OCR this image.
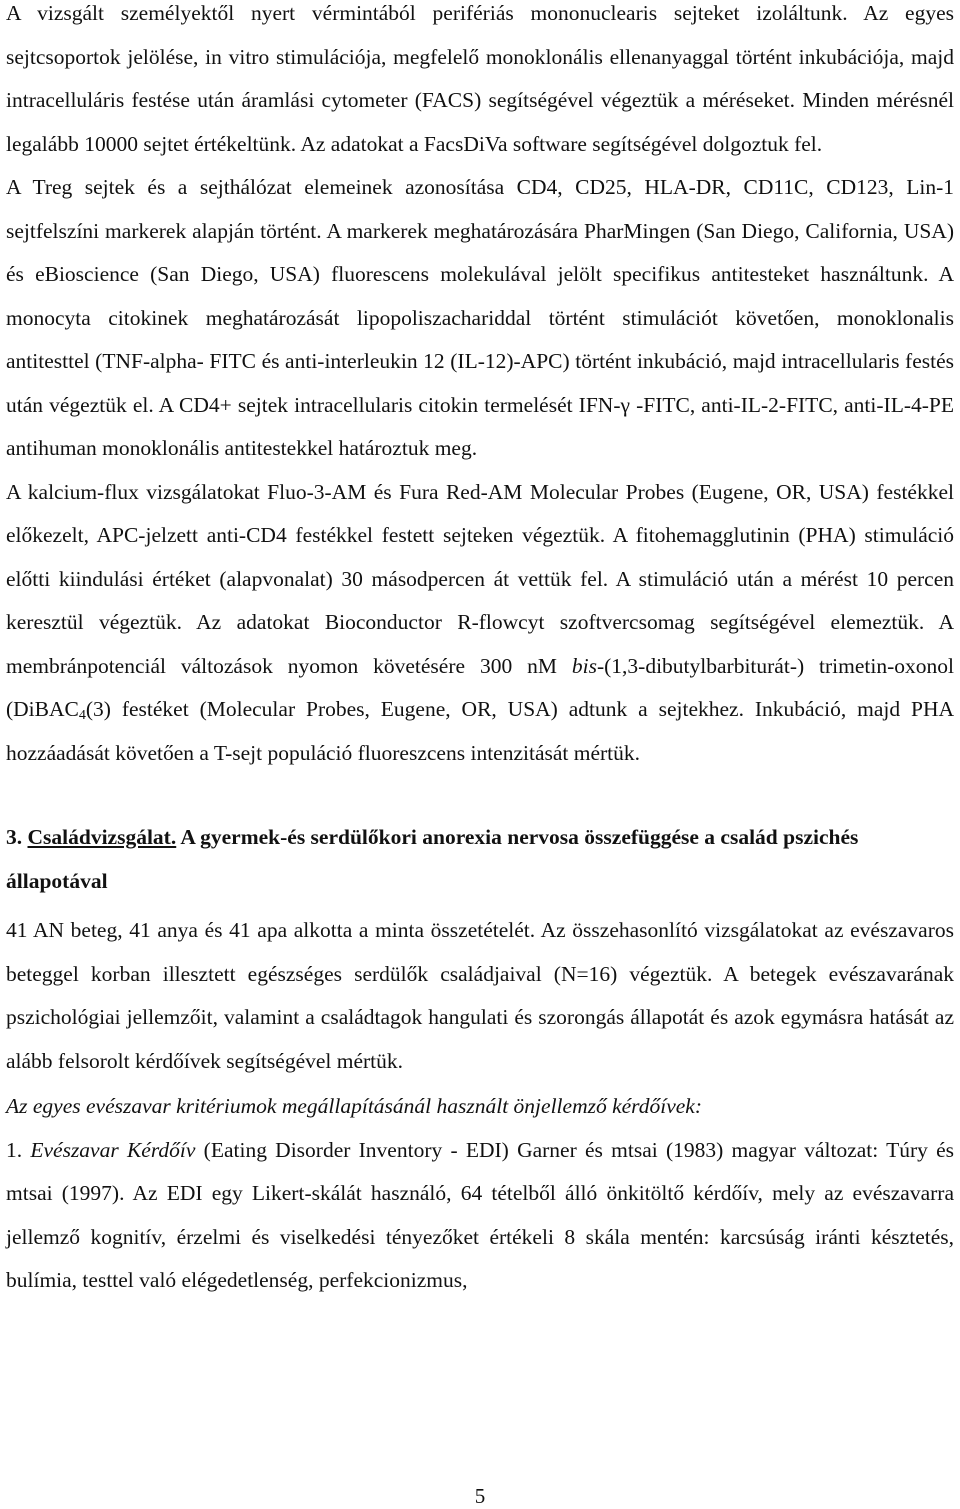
A vizsgált személyektől nyert vérmintából perifériás mononuclearis sejteket izoláltunk. Az egyes sejtcsoportok jelölése, in vitro stimulációja, megfelelő monoklonális ellenanyaggal történt inkubációja, majd intracelluláris festése után áramlási cytometer (FACS) segítségével végeztük a méréseket. Minden mérésnél legalább 10000 sejtet értékeltünk. Az adatokat a FacsDiVa software segítségével dolgoztuk fel.

A Treg sejtek és a sejthálózat elemeinek azonosítása CD4, CD25, HLA-DR, CD11C, CD123, Lin-1 sejtfelszíni markerek alapján történt. A markerek meghatározására PharMingen (San Diego, California, USA) és eBioscience (San Diego, USA) fluorescens molekulával jelölt specifikus antitesteket használtunk. A monocyta citokinek meghatározását lipopoliszachariddal történt stimulációt követően, monoklonalis antitesttel (TNF-alpha- FITC és anti-interleukin 12 (IL-12)-APC) történt inkubáció, majd intracellularis festés után végeztük el. A CD4+ sejtek intracellularis citokin termelését IFN-γ -FITC, anti-IL-2-FITC, anti-IL-4-PE antihuman monoklonális antitestekkel határoztuk meg.

A kalcium-flux vizsgálatokat Fluo-3-AM és Fura Red-AM Molecular Probes (Eugene, OR, USA) festékkel előkezelt, APC-jelzett anti-CD4 festékkel festett sejteken végeztük. A fitohemagglutinin (PHA) stimuláció előtti kiindulási értéket (alapvonalat) 30 másodpercen át vettük fel. A stimuláció után a mérést 10 percen keresztül végeztük. Az adatokat Bioconductor R-flowcyt szoftvercsomag segítségével elemeztük. A membránpotenciál változások nyomon követésére 300 nM bis-(1,3-dibutylbarbiturát-) trimetin-oxonol (DiBAC$_4$(3) festéket (Molecular Probes, Eugene, OR, USA) adtunk a sejtekhez. Inkubáció, majd PHA hozzáadását követően a T-sejt populáció fluoreszcens intenzitását mértük.

3. Családvizsgálat. A gyermek-és serdülőkori anorexia nervosa összefüggése a család pszichés állapotával

41 AN beteg, 41 anya és 41 apa alkotta a minta összetételét. Az összehasonlító vizsgálatokat az evészavaros beteggel korban illesztett egészséges serdülők családjaival (N=16) végeztük. A betegek evészavarának pszichológiai jellemzőit, valamint a családtagok hangulati és szorongás állapotát és azok egymásra hatását az alább felsorolt kérdőívek segítségével mértük.

Az egyes evészavar kritériumok megállapításánál használt önjellemző kérdőívek:

1. Evészavar Kérdőív (Eating Disorder Inventory - EDI) Garner és mtsai (1983) magyar változat: Túry és mtsai (1997). Az EDI egy Likert-skálát használó, 64 tételből álló önkitöltő kérdőív, mely az evészavarra jellemző kognitív, érzelmi és viselkedési tényezőket értékeli 8 skála mentén: karcsúság iránti késztetés, bulímia, testtel való elégedetlenség, perfekcionizmus,

5
